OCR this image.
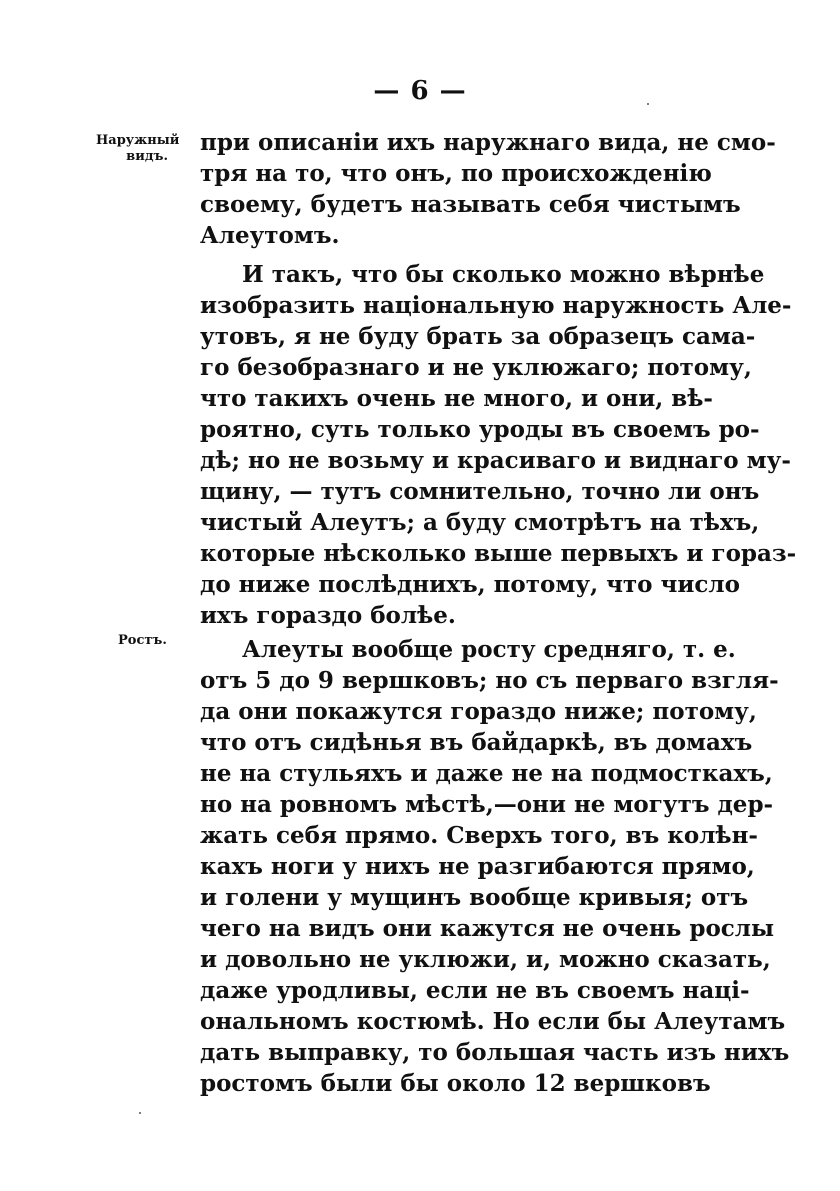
— 6 —
Наружный
видъ.
Ростъ.
при описаніи ихъ наружнаго вида, не смо-
тря на то, что онъ, по происхожденію
своему, будетъ называть себя чистымъ
Алеутомъ.
И такъ, что бы сколько можно вѣрнѣе
изобразить національную наружность Але-
утовъ, я не буду брать за образецъ сама-
го безобразнаго и не уклюжаго; потому,
что такихъ очень не много, и они, вѣ-
роятно, суть только уроды въ своемъ ро-
дѣ; но не возьму и красиваго и виднаго му-
щину, — тутъ сомнительно, точно ли онъ
чистый Алеутъ; а буду смотрѣтъ на тѣхъ,
которые нѣсколько выше первыхъ и горaз-
до ниже послѣднихъ, потому, что число
ихъ гораздо болѣе.
Алеуты вообще росту средняго, т. е.
отъ 5 до 9 вершковъ; но съ перваго взгля-
да они покажутся гораздо ниже; потому,
что отъ сидѣнья въ байдаркѣ, въ домахъ
не на стульяхъ и даже не на подмосткахъ,
но на ровномъ мѣстѣ,—они не могутъ дер-
жать себя прямо. Сверхъ того, въ колѣн-
кахъ ноги у нихъ не разгибаются прямо,
и голени у мущинъ вообще кривыя; отъ
чего на видъ они кажутся не очень рослы
и довольно не уклюжи, и, можно сказать,
даже уродливы, если не въ своемъ наці-
ональномъ костюмѣ. Но если бы Алеутамъ
дать выправку, то большая часть изъ нихъ
ростомъ были бы около 12 вершковъ
